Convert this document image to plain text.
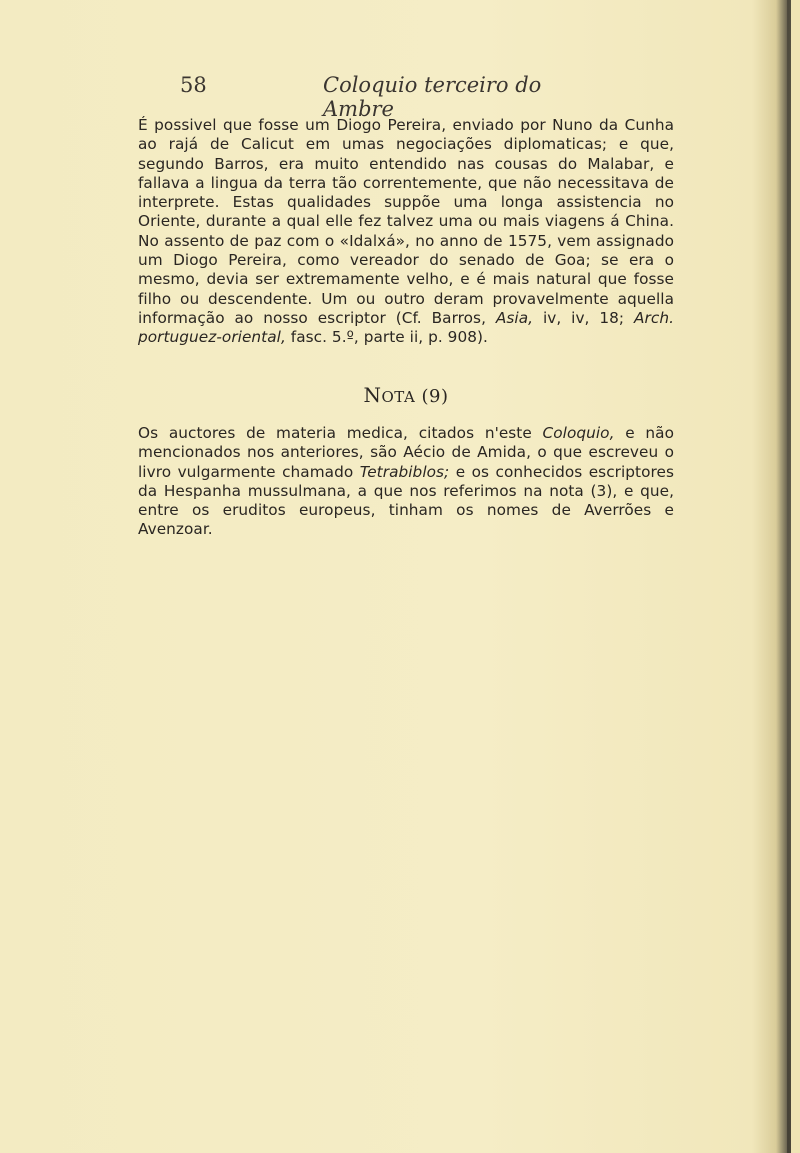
58	Coloquio terceiro do Ambre

É possivel que fosse um Diogo Pereira, enviado por Nuno da Cunha ao rajá de Calicut em umas negociações diplomaticas; e que, segundo Barros, era muito entendido nas cousas do Malabar, e fallava a lingua da terra tão correntemente, que não necessitava de interprete. Estas qualidades suppõe uma longa assistencia no Oriente, durante a qual elle fez talvez uma ou mais viagens á China. No assento de paz com o «Idalxá», no anno de 1575, vem assignado um Diogo Pereira, como vereador do senado de Goa; se era o mesmo, devia ser extremamente velho, e é mais natural que fosse filho ou descendente. Um ou outro deram provavelmente aquella informação ao nosso escriptor (Cf. Barros, Asia, iv, iv, 18; Arch. portuguez-oriental, fasc. 5.º, parte ii, p. 908).

NOTA (9)

Os auctores de materia medica, citados n'este Coloquio, e não mencionados nos anteriores, são Aécio de Amida, o que escreveu o livro vulgarmente chamado Tetrabiblos; e os conhecidos escriptores da Hespanha mussulmana, a que nos referimos na nota (3), e que, entre os eruditos europeus, tinham os nomes de Averrões e Avenzoar.
